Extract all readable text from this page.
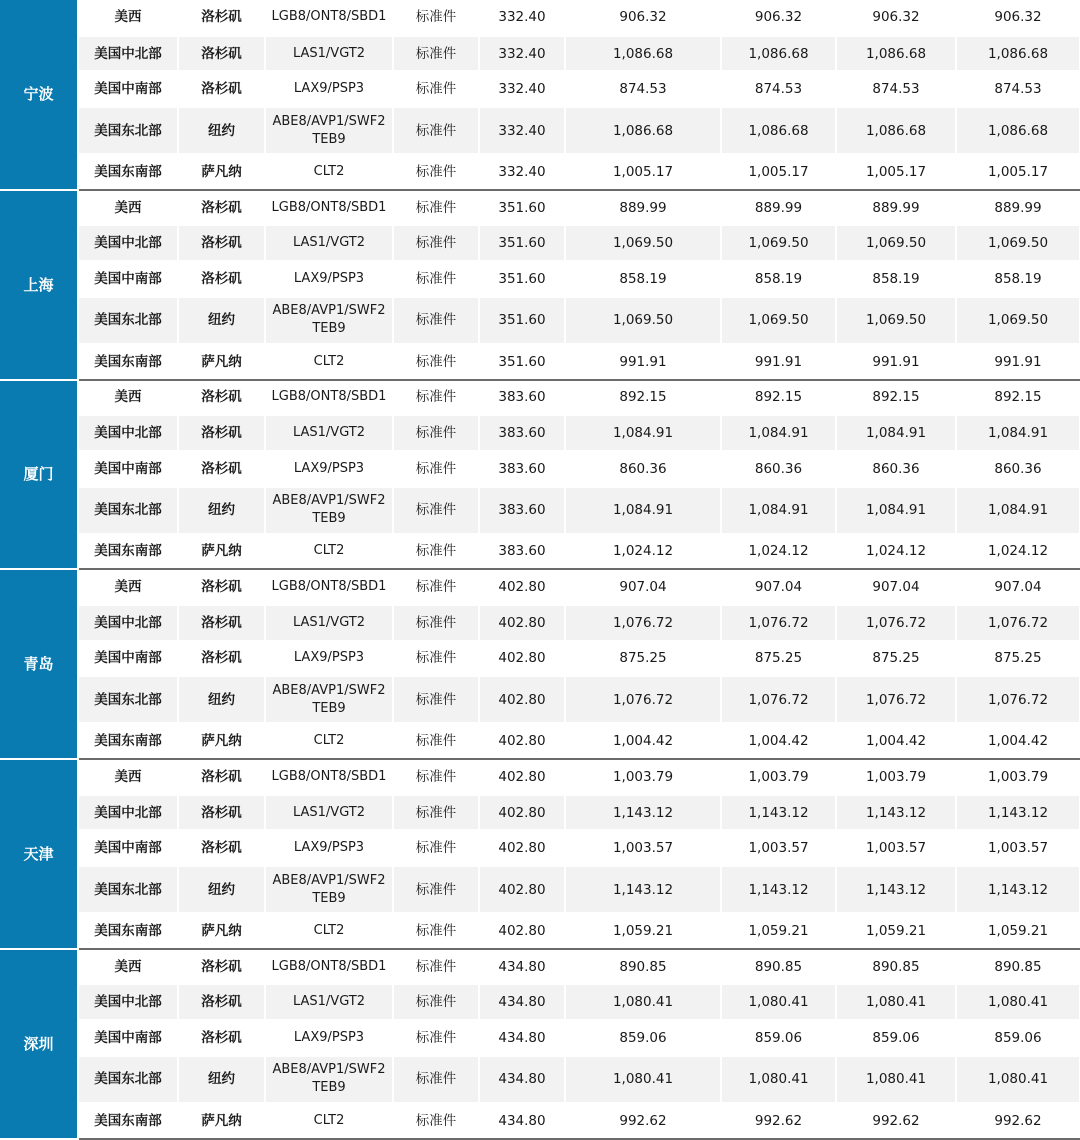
宁波	美西	洛杉矶	LGB8/ONT8/SBD1	标准件	332.40	906.32	906.32	906.32	906.32
	美国中北部	洛杉矶	LAS1/VGT2	标准件	332.40	1,086.68	1,086.68	1,086.68	1,086.68
	美国中南部	洛杉矶	LAX9/PSP3	标准件	332.40	874.53	874.53	874.53	874.53
	美国东北部	纽约	ABE8/AVP1/SWF2 TEB9	标准件	332.40	1,086.68	1,086.68	1,086.68	1,086.68
	美国东南部	萨凡纳	CLT2	标准件	332.40	1,005.17	1,005.17	1,005.17	1,005.17
上海	美西	洛杉矶	LGB8/ONT8/SBD1	标准件	351.60	889.99	889.99	889.99	889.99
	美国中北部	洛杉矶	LAS1/VGT2	标准件	351.60	1,069.50	1,069.50	1,069.50	1,069.50
	美国中南部	洛杉矶	LAX9/PSP3	标准件	351.60	858.19	858.19	858.19	858.19
	美国东北部	纽约	ABE8/AVP1/SWF2 TEB9	标准件	351.60	1,069.50	1,069.50	1,069.50	1,069.50
	美国东南部	萨凡纳	CLT2	标准件	351.60	991.91	991.91	991.91	991.91
厦门	美西	洛杉矶	LGB8/ONT8/SBD1	标准件	383.60	892.15	892.15	892.15	892.15
	美国中北部	洛杉矶	LAS1/VGT2	标准件	383.60	1,084.91	1,084.91	1,084.91	1,084.91
	美国中南部	洛杉矶	LAX9/PSP3	标准件	383.60	860.36	860.36	860.36	860.36
	美国东北部	纽约	ABE8/AVP1/SWF2 TEB9	标准件	383.60	1,084.91	1,084.91	1,084.91	1,084.91
	美国东南部	萨凡纳	CLT2	标准件	383.60	1,024.12	1,024.12	1,024.12	1,024.12
青岛	美西	洛杉矶	LGB8/ONT8/SBD1	标准件	402.80	907.04	907.04	907.04	907.04
	美国中北部	洛杉矶	LAS1/VGT2	标准件	402.80	1,076.72	1,076.72	1,076.72	1,076.72
	美国中南部	洛杉矶	LAX9/PSP3	标准件	402.80	875.25	875.25	875.25	875.25
	美国东北部	纽约	ABE8/AVP1/SWF2 TEB9	标准件	402.80	1,076.72	1,076.72	1,076.72	1,076.72
	美国东南部	萨凡纳	CLT2	标准件	402.80	1,004.42	1,004.42	1,004.42	1,004.42
天津	美西	洛杉矶	LGB8/ONT8/SBD1	标准件	402.80	1,003.79	1,003.79	1,003.79	1,003.79
	美国中北部	洛杉矶	LAS1/VGT2	标准件	402.80	1,143.12	1,143.12	1,143.12	1,143.12
	美国中南部	洛杉矶	LAX9/PSP3	标准件	402.80	1,003.57	1,003.57	1,003.57	1,003.57
	美国东北部	纽约	ABE8/AVP1/SWF2 TEB9	标准件	402.80	1,143.12	1,143.12	1,143.12	1,143.12
	美国东南部	萨凡纳	CLT2	标准件	402.80	1,059.21	1,059.21	1,059.21	1,059.21
深圳	美西	洛杉矶	LGB8/ONT8/SBD1	标准件	434.80	890.85	890.85	890.85	890.85
	美国中北部	洛杉矶	LAS1/VGT2	标准件	434.80	1,080.41	1,080.41	1,080.41	1,080.41
	美国中南部	洛杉矶	LAX9/PSP3	标准件	434.80	859.06	859.06	859.06	859.06
	美国东北部	纽约	ABE8/AVP1/SWF2 TEB9	标准件	434.80	1,080.41	1,080.41	1,080.41	1,080.41
	美国东南部	萨凡纳	CLT2	标准件	434.80	992.62	992.62	992.62	992.62
